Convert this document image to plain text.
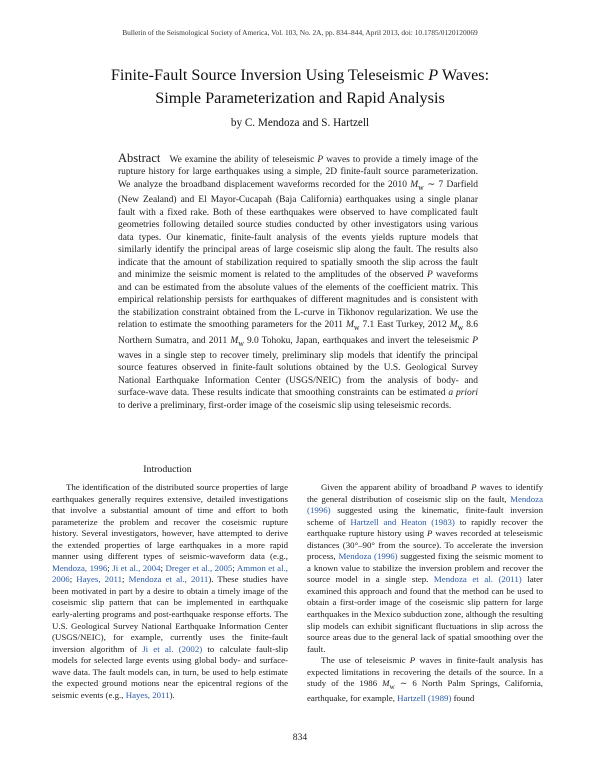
Bulletin of the Seismological Society of America, Vol. 103, No. 2A, pp. 834–844, April 2013, doi: 10.1785/0120120069
Finite-Fault Source Inversion Using Teleseismic P Waves:
Simple Parameterization and Rapid Analysis
by C. Mendoza and S. Hartzell
Abstract We examine the ability of teleseismic P waves to provide a timely image of the rupture history for large earthquakes using a simple, 2D finite-fault source parameterization. We analyze the broadband displacement waveforms recorded for the 2010 $M_w$ ∼ 7 Darfield (New Zealand) and El Mayor-Cucapah (Baja California) earthquakes using a single planar fault with a fixed rake. Both of these earthquakes were observed to have complicated fault geometries following detailed source studies conducted by other investigators using various data types. Our kinematic, finite-fault analysis of the events yields rupture models that similarly identify the principal areas of large coseismic slip along the fault. The results also indicate that the amount of stabilization required to spatially smooth the slip across the fault and minimize the seismic moment is related to the amplitudes of the observed P waveforms and can be estimated from the absolute values of the elements of the coefficient matrix. This empirical relationship persists for earthquakes of different magnitudes and is consistent with the stabilization constraint obtained from the L-curve in Tikhonov regularization. We use the relation to estimate the smoothing parameters for the 2011 $M_w$ 7.1 East Turkey, 2012 $M_w$ 8.6 Northern Sumatra, and 2011 $M_w$ 9.0 Tohoku, Japan, earthquakes and invert the teleseismic P waves in a single step to recover timely, preliminary slip models that identify the principal source features observed in finite-fault solutions obtained by the U.S. Geological Survey National Earthquake Information Center (USGS/NEIC) from the analysis of body- and surface-wave data. These results indicate that smoothing constraints can be estimated a priori to derive a preliminary, first-order image of the coseismic slip using teleseismic records.
Introduction
The identification of the distributed source properties of large earthquakes generally requires extensive, detailed investigations that involve a substantial amount of time and effort to both parameterize the problem and recover the coseismic rupture history. Several investigators, however, have attempted to derive the extended properties of large earthquakes in a more rapid manner using different types of seismic-waveform data (e.g., Mendoza, 1996; Ji et al., 2004; Dreger et al., 2005; Ammon et al., 2006; Hayes, 2011; Mendoza et al., 2011). These studies have been motivated in part by a desire to obtain a timely image of the coseismic slip pattern that can be implemented in earthquake early-alerting programs and post-earthquake response efforts. The U.S. Geological Survey National Earthquake Information Center (USGS/NEIC), for example, currently uses the finite-fault inversion algorithm of Ji et al. (2002) to calculate fault-slip models for selected large events using global body- and surface-wave data. The fault models can, in turn, be used to help estimate the expected ground motions near the epicentral regions of the seismic events (e.g., Hayes, 2011).

Given the apparent ability of broadband P waves to identify the general distribution of coseismic slip on the fault, Mendoza (1996) suggested using the kinematic, finite-fault inversion scheme of Hartzell and Heaton (1983) to rapidly recover the earthquake rupture history using P waves recorded at teleseismic distances (30°–90° from the source). To accelerate the inversion process, Mendoza (1996) suggested fixing the seismic moment to a known value to stabilize the inversion problem and recover the source model in a single step. Mendoza et al. (2011) later examined this approach and found that the method can be used to obtain a first-order image of the coseismic slip pattern for large earthquakes in the Mexico subduction zone, although the resulting slip models can exhibit significant fluctuations in slip across the source areas due to the general lack of spatial smoothing over the fault.

The use of teleseismic P waves in finite-fault analysis has expected limitations in recovering the details of the source. In a study of the 1986 $M_w$ ∼ 6 North Palm Springs, California, earthquake, for example, Hartzell (1989) found

834
